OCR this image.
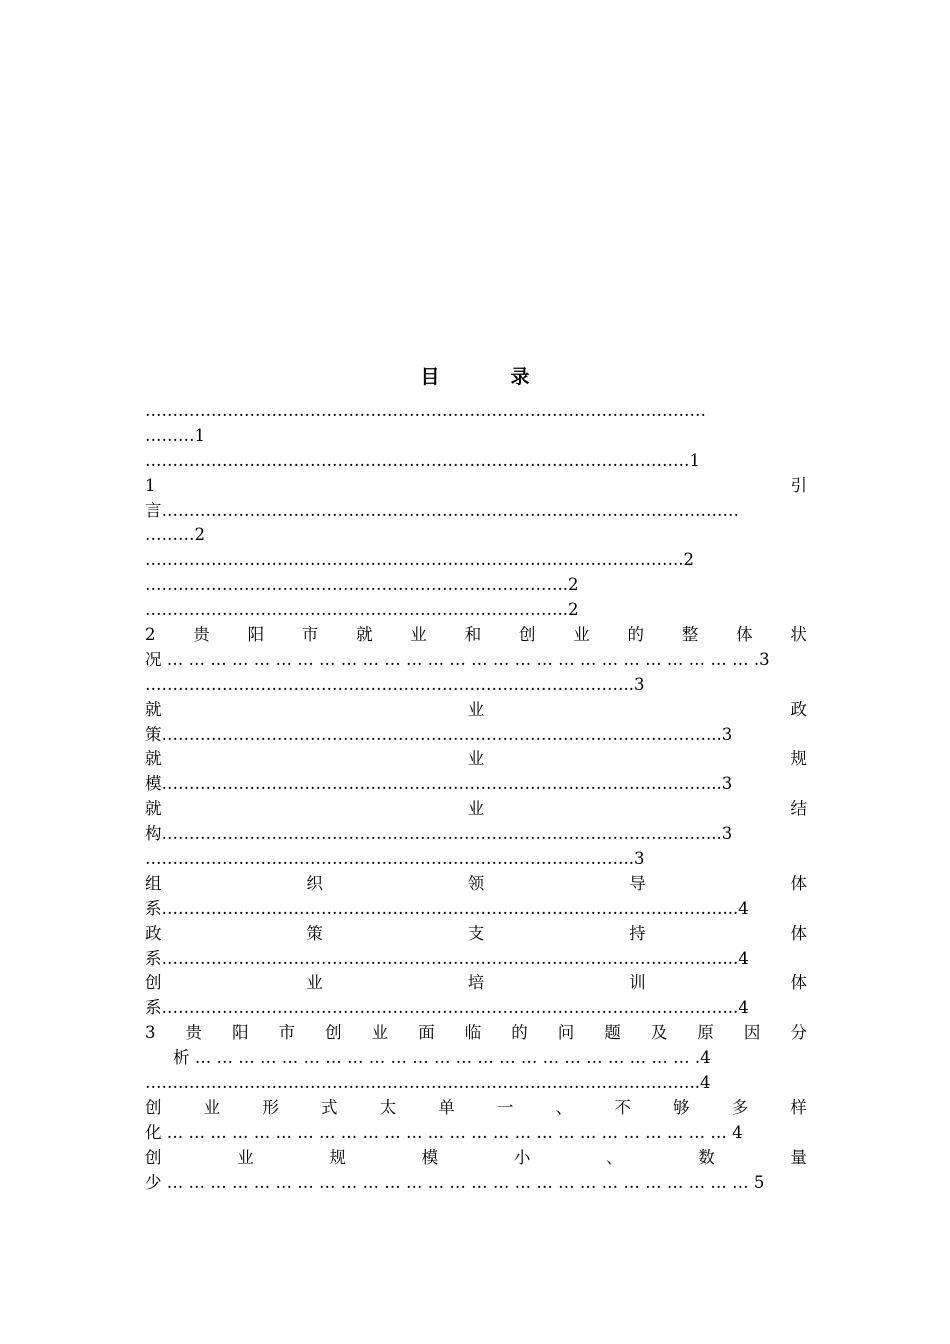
目　录
…………………………………………………………………………………………
………1
………………………………………………………………………………………1
1	引
言……………………………………………………………………………………………
………2
……………………………………………………………………………………..2
…………………………………………………………………..2
…………………………………………………………………..2
2 贵 阳 市 就 业 和 创 业 的 整 体 状
况 … … … … … … … … … … … … … … … … … … … … … … … … … … … .3
……………………………………………………………………………..3
就	业	政
策………………………………………………………………………………………...3
就	业	规
模………………………………………………………………………………………...3
就	业	结
构………………………………………………………………………………………...3
……………………………………………………………………………..3
组	织	领	导	体
系…………………………………………………………………………………………...4
政	策	支	持	体
系…………………………………………………………………………………………...4
创	业	培	训	体
系…………………………………………………………………………………………...4
3 贵 阳 市 创 业 面 临 的 问 题 及 原 因 分
析 … … … … … … … … … … … … … … … … … … … … … … … .4
………………………………………………………………………………………..4
创	业	形	式	太	单	一	、	不	够	多	样
化 … … … … … … … … … … … … … … … … … … … … … … … … … … 4
创	业	规	模	小	、	数	量
少 … … … … … … … … … … … … … … … … … … … … … … … … … … … 5
